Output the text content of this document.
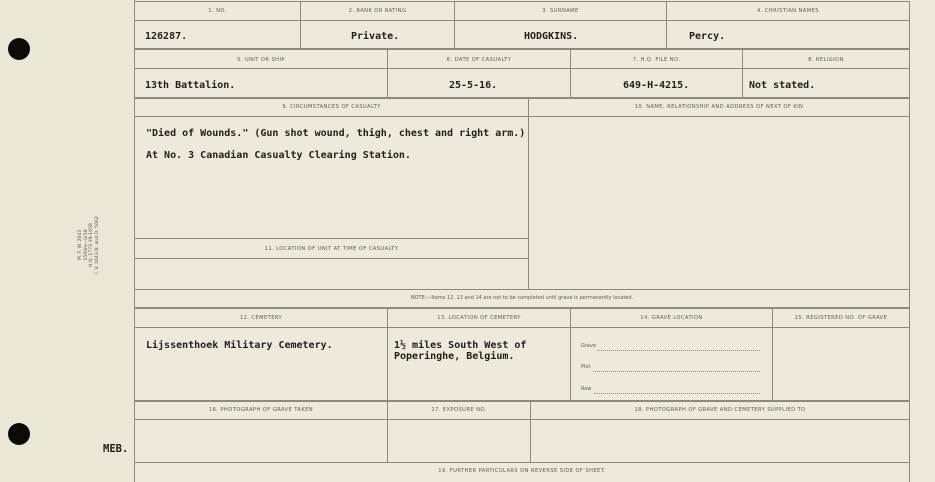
M. F. W. 2643 1500m—6/19 H.Q. 1772-39-1658 I. V. 1643.N. and D. 5662
MEB.
1. NO.	2. RANK OR RATING	3. SURNAME	4. CHRISTIAN NAMES
126287.	Private.	HODGKINS.	Percy.
5. UNIT OR SHIP	6. DATE OF CASUALTY	7. H.Q. FILE NO.	8. RELIGION
13th Battalion.	25-5-16.	649-H-4215.	Not stated.
9. CIRCUMSTANCES OF CASUALTY	10. NAME, RELATIONSHIP AND ADDRESS OF NEXT OF KIN
"Died of Wounds." (Gun shot wound, thigh, chest and right arm.)
At No. 3 Canadian Casualty Clearing Station.
11. LOCATION OF UNIT AT TIME OF CASUALTY
NOTE:—Items 12, 13 and 14 are not to be completed until grave is permanently located.
12. CEMETERY	13. LOCATION OF CEMETERY	14. GRAVE LOCATION	15. REGISTERED NO. OF GRAVE
Lijssenthoek Military Cemetery.	1½ miles South West of
Poperinghe, Belgium.
Grave
Plot
Row
16. PHOTOGRAPH OF GRAVE TAKEN	17. EXPOSURE NO.	18. PHOTOGRAPH OF GRAVE AND CEMETERY SUPPLIED TO
19. FURTHER PARTICULARS ON REVERSE SIDE OF SHEET.
